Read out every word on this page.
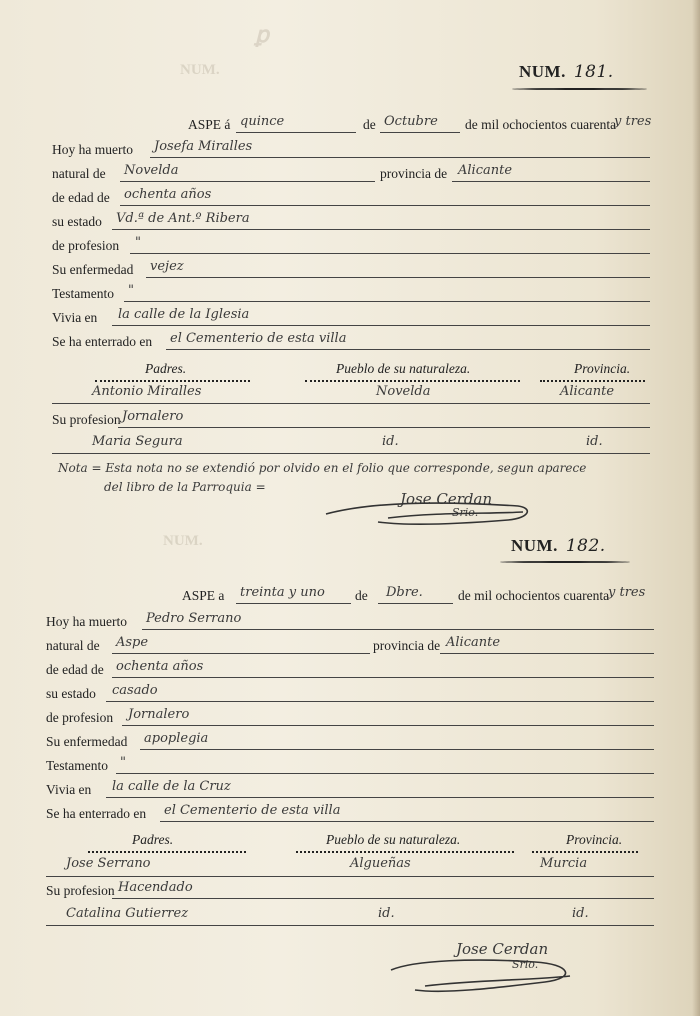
ꝑ
NUM.
NUM.
NUM. 181.
ASPE á quince	de Octubre de mil ochocientos cuarenta
y tres
Hoy ha muerto Josefa Miralles
natural de Novelda	provincia de Alicante
de edad de ochenta años
su estado Vd.ª de Ant.º Ribera
de profesion "
Su enfermedad vejez
Testamento "
Vivia en la calle de la Iglesia
Se ha enterrado en el Cementerio de esta villa
Padres.	Pueblo de su naturaleza.	Provincia.
Antonio Miralles	Novelda	Alicante
Su profesion Jornalero
Maria Segura	id.	id.
Nota = Esta nota no se extendió por olvido en el folio que corresponde, segun aparece
del libro de la Parroquia =
Jose Cerdan
Srio.
NUM. 182.
ASPE a treinta y uno de Dbre.	de mil ochocientos cuarenta
y tres
Hoy ha muerto Pedro Serrano
natural de Aspe	provincia de Alicante
de edad de ochenta años
su estado casado
de profesion Jornalero
Su enfermedad apoplegia
Testamento "
Vivia en la calle de la Cruz
Se ha enterrado en el Cementerio de esta villa
Padres.	Pueblo de su naturaleza.	Provincia.
Jose Serrano	Algueñas	Murcia
Su profesion Hacendado
Catalina Gutierrez	id.	id.
Jose Cerdan
Srio.
